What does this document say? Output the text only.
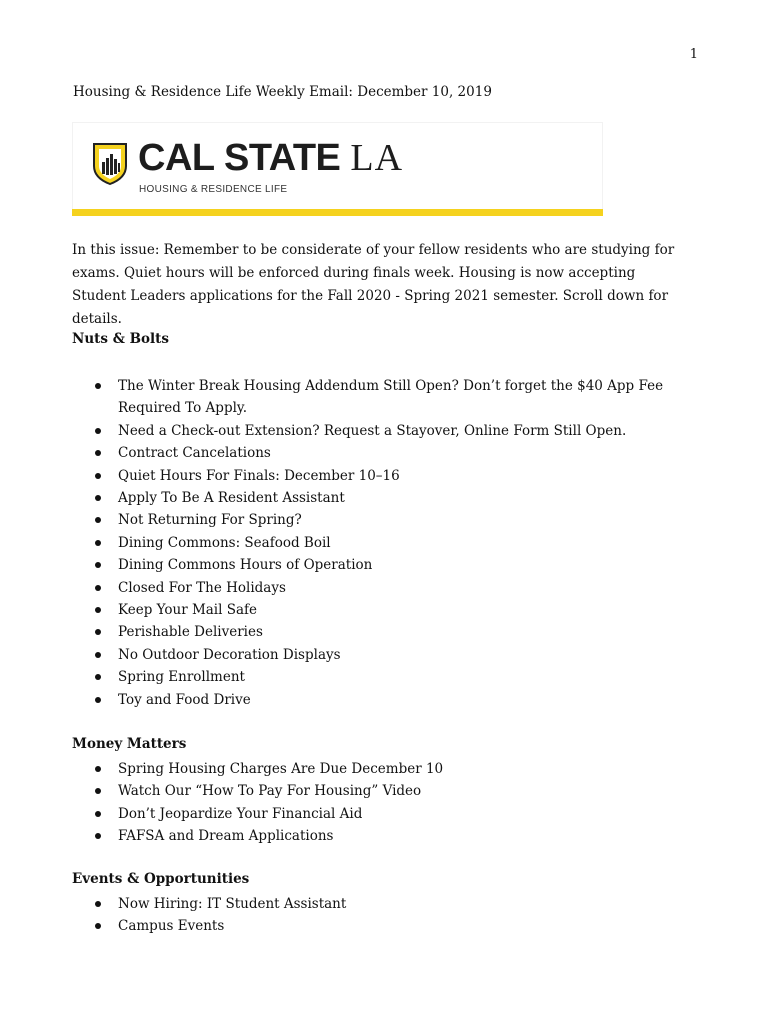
1
Housing & Residence Life Weekly Email: December 10, 2019
CAL STATE LA
HOUSING & RESIDENCE LIFE

In this issue: Remember to be considerate of your fellow residents who are studying for exams. Quiet hours will be enforced during finals week. Housing is now accepting Student Leaders applications for the Fall 2020 - Spring 2021 semester. Scroll down for details.

Nuts & Bolts
The Winter Break Housing Addendum Still Open? Don’t forget the $40 App Fee Required To Apply.
Need a Check-out Extension? Request a Stayover, Online Form Still Open.
Contract Cancelations
Quiet Hours For Finals: December 10–16
Apply To Be A Resident Assistant
Not Returning For Spring?
Dining Commons: Seafood Boil
Dining Commons Hours of Operation
Closed For The Holidays
Keep Your Mail Safe
Perishable Deliveries
No Outdoor Decoration Displays
Spring Enrollment
Toy and Food Drive
Money Matters
Spring Housing Charges Are Due December 10
Watch Our “How To Pay For Housing” Video
Don’t Jeopardize Your Financial Aid
FAFSA and Dream Applications
Events & Opportunities
Now Hiring: IT Student Assistant
Campus Events
